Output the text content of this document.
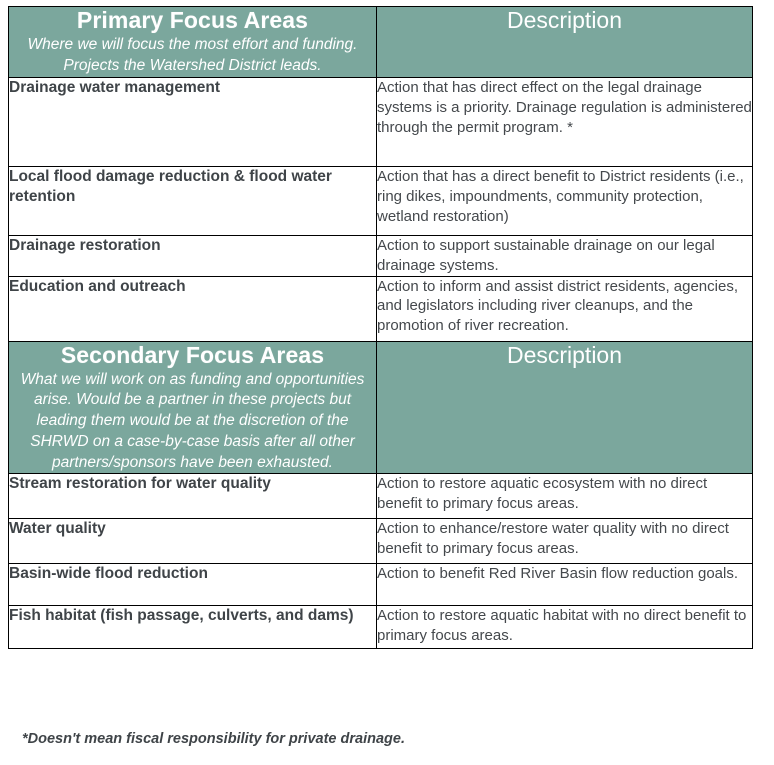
Primary Focus Areas
Where we will focus the most effort and funding. Projects the Watershed District leads.	Description

Drainage water management	Action that has direct effect on the legal drainage systems is a priority. Drainage regulation is administered through the permit program. *

Local flood damage reduction & flood water retention	Action that has a direct benefit to District residents (i.e., ring dikes, impoundments, community protection, wetland restoration)

Drainage restoration	Action to support sustainable drainage on our legal drainage systems.

Education and outreach	Action to inform and assist district residents, agencies, and legislators including river cleanups, and the promotion of river recreation.

Secondary Focus Areas
What we will work on as funding and opportunities arise. Would be a partner in these projects but leading them would be at the discretion of the SHRWD on a case-by-case basis after all other partners/sponsors have been exhausted.	Description

Stream restoration for water quality	Action to restore aquatic ecosystem with no direct benefit to primary focus areas.

Water quality	Action to enhance/restore water quality with no direct benefit to primary focus areas.

Basin-wide flood reduction	Action to benefit Red River Basin flow reduction goals.

Fish habitat (fish passage, culverts, and dams)	Action to restore aquatic habitat with no direct benefit to primary focus areas.
*Doesn't mean fiscal responsibility for private drainage.
